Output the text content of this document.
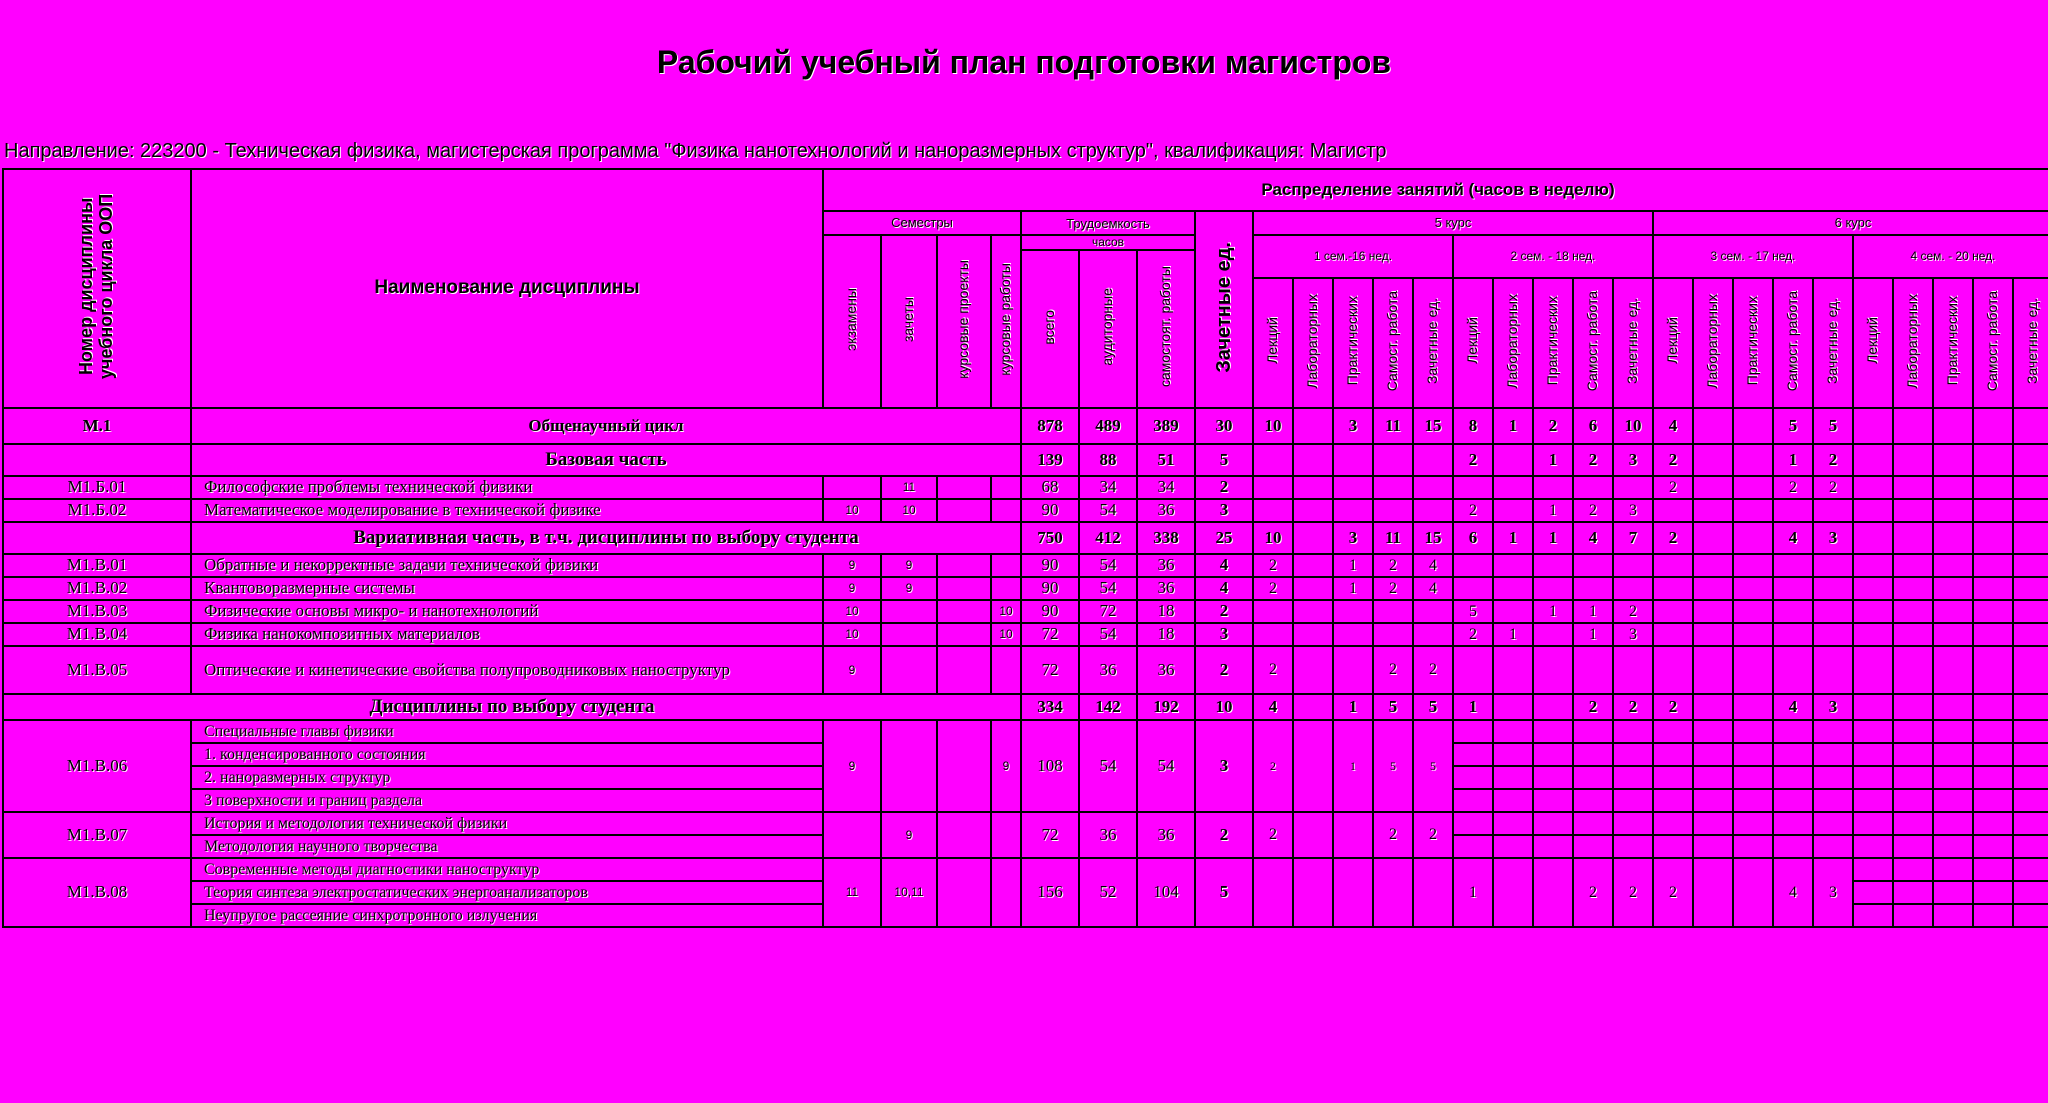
Рабочий учебный план подготовки магистров
Направление: 223200 - Техническая физика, магистерская программа "Физика нанотехнологий и наноразмерных структур", квалификация: Магистр
Номер дисциплины учебного цикла ООП	Наименование дисциплины	Распределение занятий (часов в неделю)																											
		Семестры				Трудоемкость			Зачетные ед.	5 курс										6 курс									
		экзамены	зачеты	курсовые проекты	курсовые работы	часов				1 сем.-16 нед.					2 сем. - 18 нед.					3 сем. - 17 нед.					4 сем. - 20 нед.				
						всего	аудиторные	самостоят. работы																					
										Лекций	Лабораторных	Практических	Самост. работа	Зачетные ед.	Лекций	Лабораторных	Практических	Самост. работа	Зачетные ед.	Лекций	Лабораторных	Практических	Самост. работа	Зачетные ед.	Лекций	Лабораторных	Практических	Самост. работа	Зачетные ед.
М.1	Общенаучный цикл					878	489	389	30	10		3	11	15	8	1	2	6	10	4			5	5					
	Базовая часть					139	88	51	5						2		1	2	3	2			1	2					
М1.Б.01	Философские проблемы технической физики		11			68	34	34	2											2			2	2					
М1.Б.02	Математическое моделирование в технической физике	10	10			90	54	36	3						2		1	2	3										
	Вариативная часть, в т.ч. дисциплины по выбору студента					750	412	338	25	10		3	11	15	6	1	1	4	7	2			4	3					
М1.В.01	Обратные и некорректные задачи технической физики	9	9			90	54	36	4	2		1	2	4															
М1.В.02	Квантоворазмерные системы	9	9			90	54	36	4	2		1	2	4															
М1.В.03	Физические основы микро- и нанотехнологий	10			10	90	72	18	2						5		1	1	2										
М1.В.04	Физика нанокомпозитных материалов	10			10	72	54	18	3						2	1		1	3										
М1.В.05	Оптические и кинетические свойства полупроводниковых наноструктур	9				72	36	36	2	2			2	2															
Дисциплины по выбору студента						334	142	192	10	4		1	5	5	1			2	2	2			4	3					
М1.В.06	Специальные главы физики	9			9	108	54	54	3	2		1	5	5															
	1. конденсированного состояния																												
	2. наноразмерных структур																												
	3 поверхности и границ раздела																												
М1.В.07	История и методология технической физики		9			72	36	36	2	2			2	2															
	Методология научного творчества																												
М1.В.08	Современные методы диагностики наноструктур	11	10,11			156	52	104	5						1			2	2	2			4	3					
	Теория синтеза электростатических энергоанализаторов																												
	Неупругое рассеяние синхротронного излучения																												
